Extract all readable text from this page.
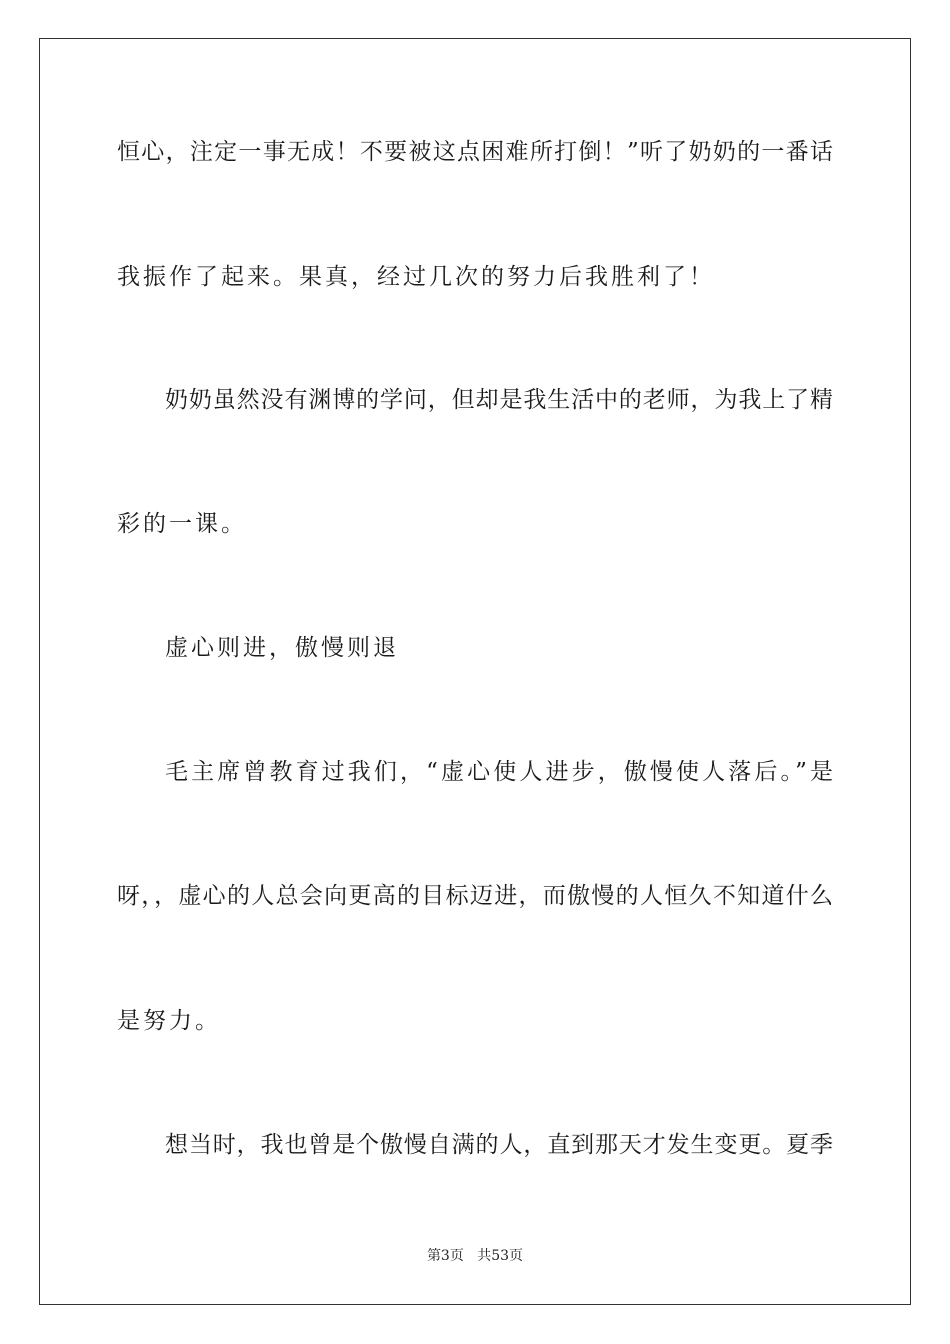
恒心，注定一事无成！不要被这点困难所打倒！”听了奶奶的一番话
我振作了起来。果真，经过几次的努力后我胜利了！
奶奶虽然没有渊博的学问，但却是我生活中的老师，为我上了精
彩的一课。
虚心则进，傲慢则退
毛主席曾教育过我们，“虚心使人进步，傲慢使人落后。”是
呀，，虚心的人总会向更高的目标迈进，而傲慢的人恒久不知道什么
是努力。
想当时，我也曾是个傲慢自满的人，直到那天才发生变更。夏季
第3页 共53页
